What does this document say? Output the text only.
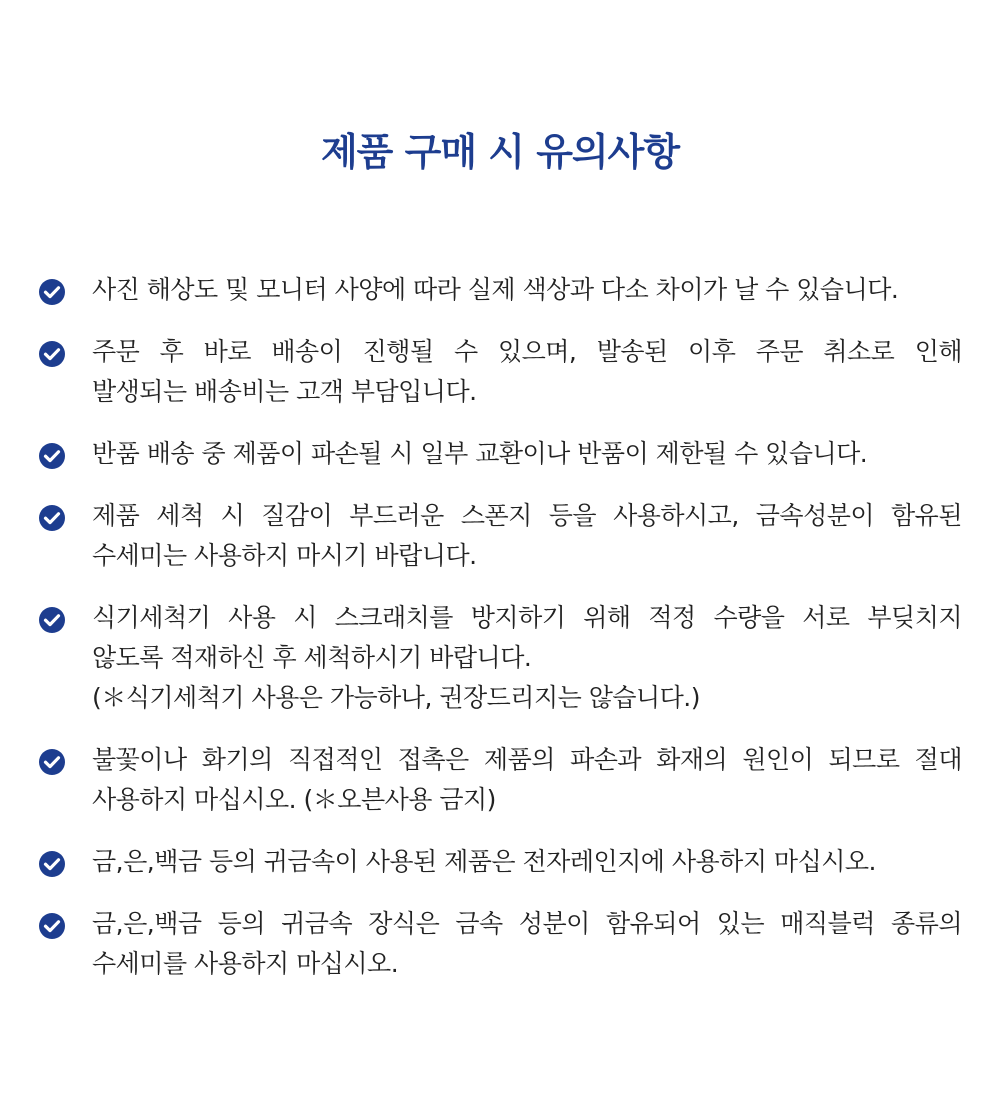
제품 구매 시 유의사항
사진 해상도 및 모니터 사양에 따라 실제 색상과 다소 차이가 날 수 있습니다.
주문 후 바로 배송이 진행될 수 있으며, 발송된 이후 주문 취소로 인해
발생되는 배송비는 고객 부담입니다.
반품 배송 중 제품이 파손될 시 일부 교환이나 반품이 제한될 수 있습니다.
제품 세척 시 질감이 부드러운 스폰지 등을 사용하시고, 금속성분이 함유된
수세미는 사용하지 마시기 바랍니다.
식기세척기 사용 시 스크래치를 방지하기 위해 적정 수량을 서로 부딪치지
않도록 적재하신 후 세척하시기 바랍니다.
(＊식기세척기 사용은 가능하나, 권장드리지는 않습니다.)
불꽃이나 화기의 직접적인 접촉은 제품의 파손과 화재의 원인이 되므로 절대
사용하지 마십시오. (＊오븐사용 금지)
금,은,백금 등의 귀금속이 사용된 제품은 전자레인지에 사용하지 마십시오.
금,은,백금 등의 귀금속 장식은 금속 성분이 함유되어 있는 매직블럭 종류의
수세미를 사용하지 마십시오.
